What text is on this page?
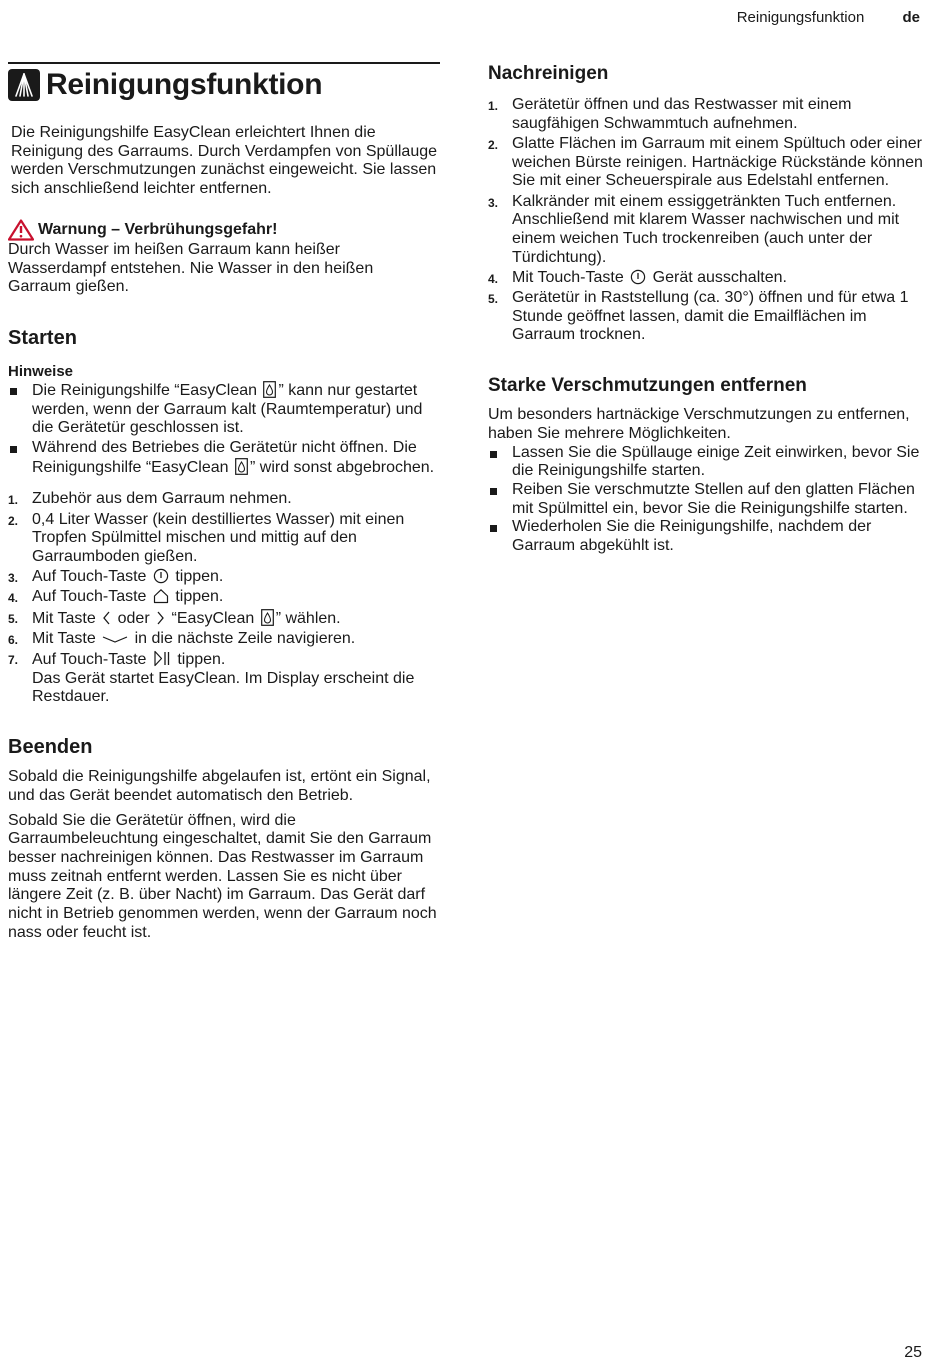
Reinigungsfunktion	de
Reinigungsfunktion

Die Reinigungshilfe EasyClean erleichtert Ihnen die Reinigung des Garraums. Durch Verdampfen von Spüllauge werden Verschmutzungen zunächst eingeweicht. Sie lassen sich anschließend leichter entfernen.

Warnung – Verbrühungsgefahr!

Durch Wasser im heißen Garraum kann heißer Wasserdampf entstehen. Nie Wasser in den heißen Garraum gießen.

Starten
Hinweise
Die Reinigungshilfe “EasyClean ” kann nur gestartet werden, wenn der Garraum kalt (Raumtemperatur) und die Gerätetür geschlossen ist.
Während des Betriebes die Gerätetür nicht öffnen. Die Reinigungshilfe “EasyClean ” wird sonst abgebrochen.
1. Zubehör aus dem Garraum nehmen.
2. 0,4 Liter Wasser (kein destilliertes Wasser) mit einen Tropfen Spülmittel mischen und mittig auf den Garraumboden gießen.
3. Auf Touch-Taste  tippen.
4. Auf Touch-Taste  tippen.
5. Mit Taste  oder  “EasyClean ” wählen.
6. Mit Taste  in die nächste Zeile navigieren.
7. Auf Touch-Taste  tippen.
Das Gerät startet EasyClean. Im Display erscheint die Restdauer.
Beenden

Sobald die Reinigungshilfe abgelaufen ist, ertönt ein Signal, und das Gerät beendet automatisch den Betrieb.

Sobald Sie die Gerätetür öffnen, wird die Garraumbeleuchtung eingeschaltet, damit Sie den Garraum besser nachreinigen können. Das Restwasser im Garraum muss zeitnah entfernt werden. Lassen Sie es nicht über längere Zeit (z. B. über Nacht) im Garraum. Das Gerät darf nicht in Betrieb genommen werden, wenn der Garraum noch nass oder feucht ist.

Nachreinigen
1. Gerätetür öffnen und das Restwasser mit einem saugfähigen Schwammtuch aufnehmen.
2. Glatte Flächen im Garraum mit einem Spültuch oder einer weichen Bürste reinigen. Hartnäckige Rückstände können Sie mit einer Scheuerspirale aus Edelstahl entfernen.
3. Kalkränder mit einem essiggetränkten Tuch entfernen. Anschließend mit klarem Wasser nachwischen und mit einem weichen Tuch trockenreiben (auch unter der Türdichtung).
4. Mit Touch-Taste  Gerät ausschalten.
5. Gerätetür in Raststellung (ca. 30°) öffnen und für etwa 1 Stunde geöffnet lassen, damit die Emailflächen im Garraum trocknen.
Starke Verschmutzungen entfernen

Um besonders hartnäckige Verschmutzungen zu entfernen, haben Sie mehrere Möglichkeiten.

Lassen Sie die Spüllauge einige Zeit einwirken, bevor Sie die Reinigungshilfe starten.
Reiben Sie verschmutzte Stellen auf den glatten Flächen mit Spülmittel ein, bevor Sie die Reinigungshilfe starten.
Wiederholen Sie die Reinigungshilfe, nachdem der Garraum abgekühlt ist.
25
